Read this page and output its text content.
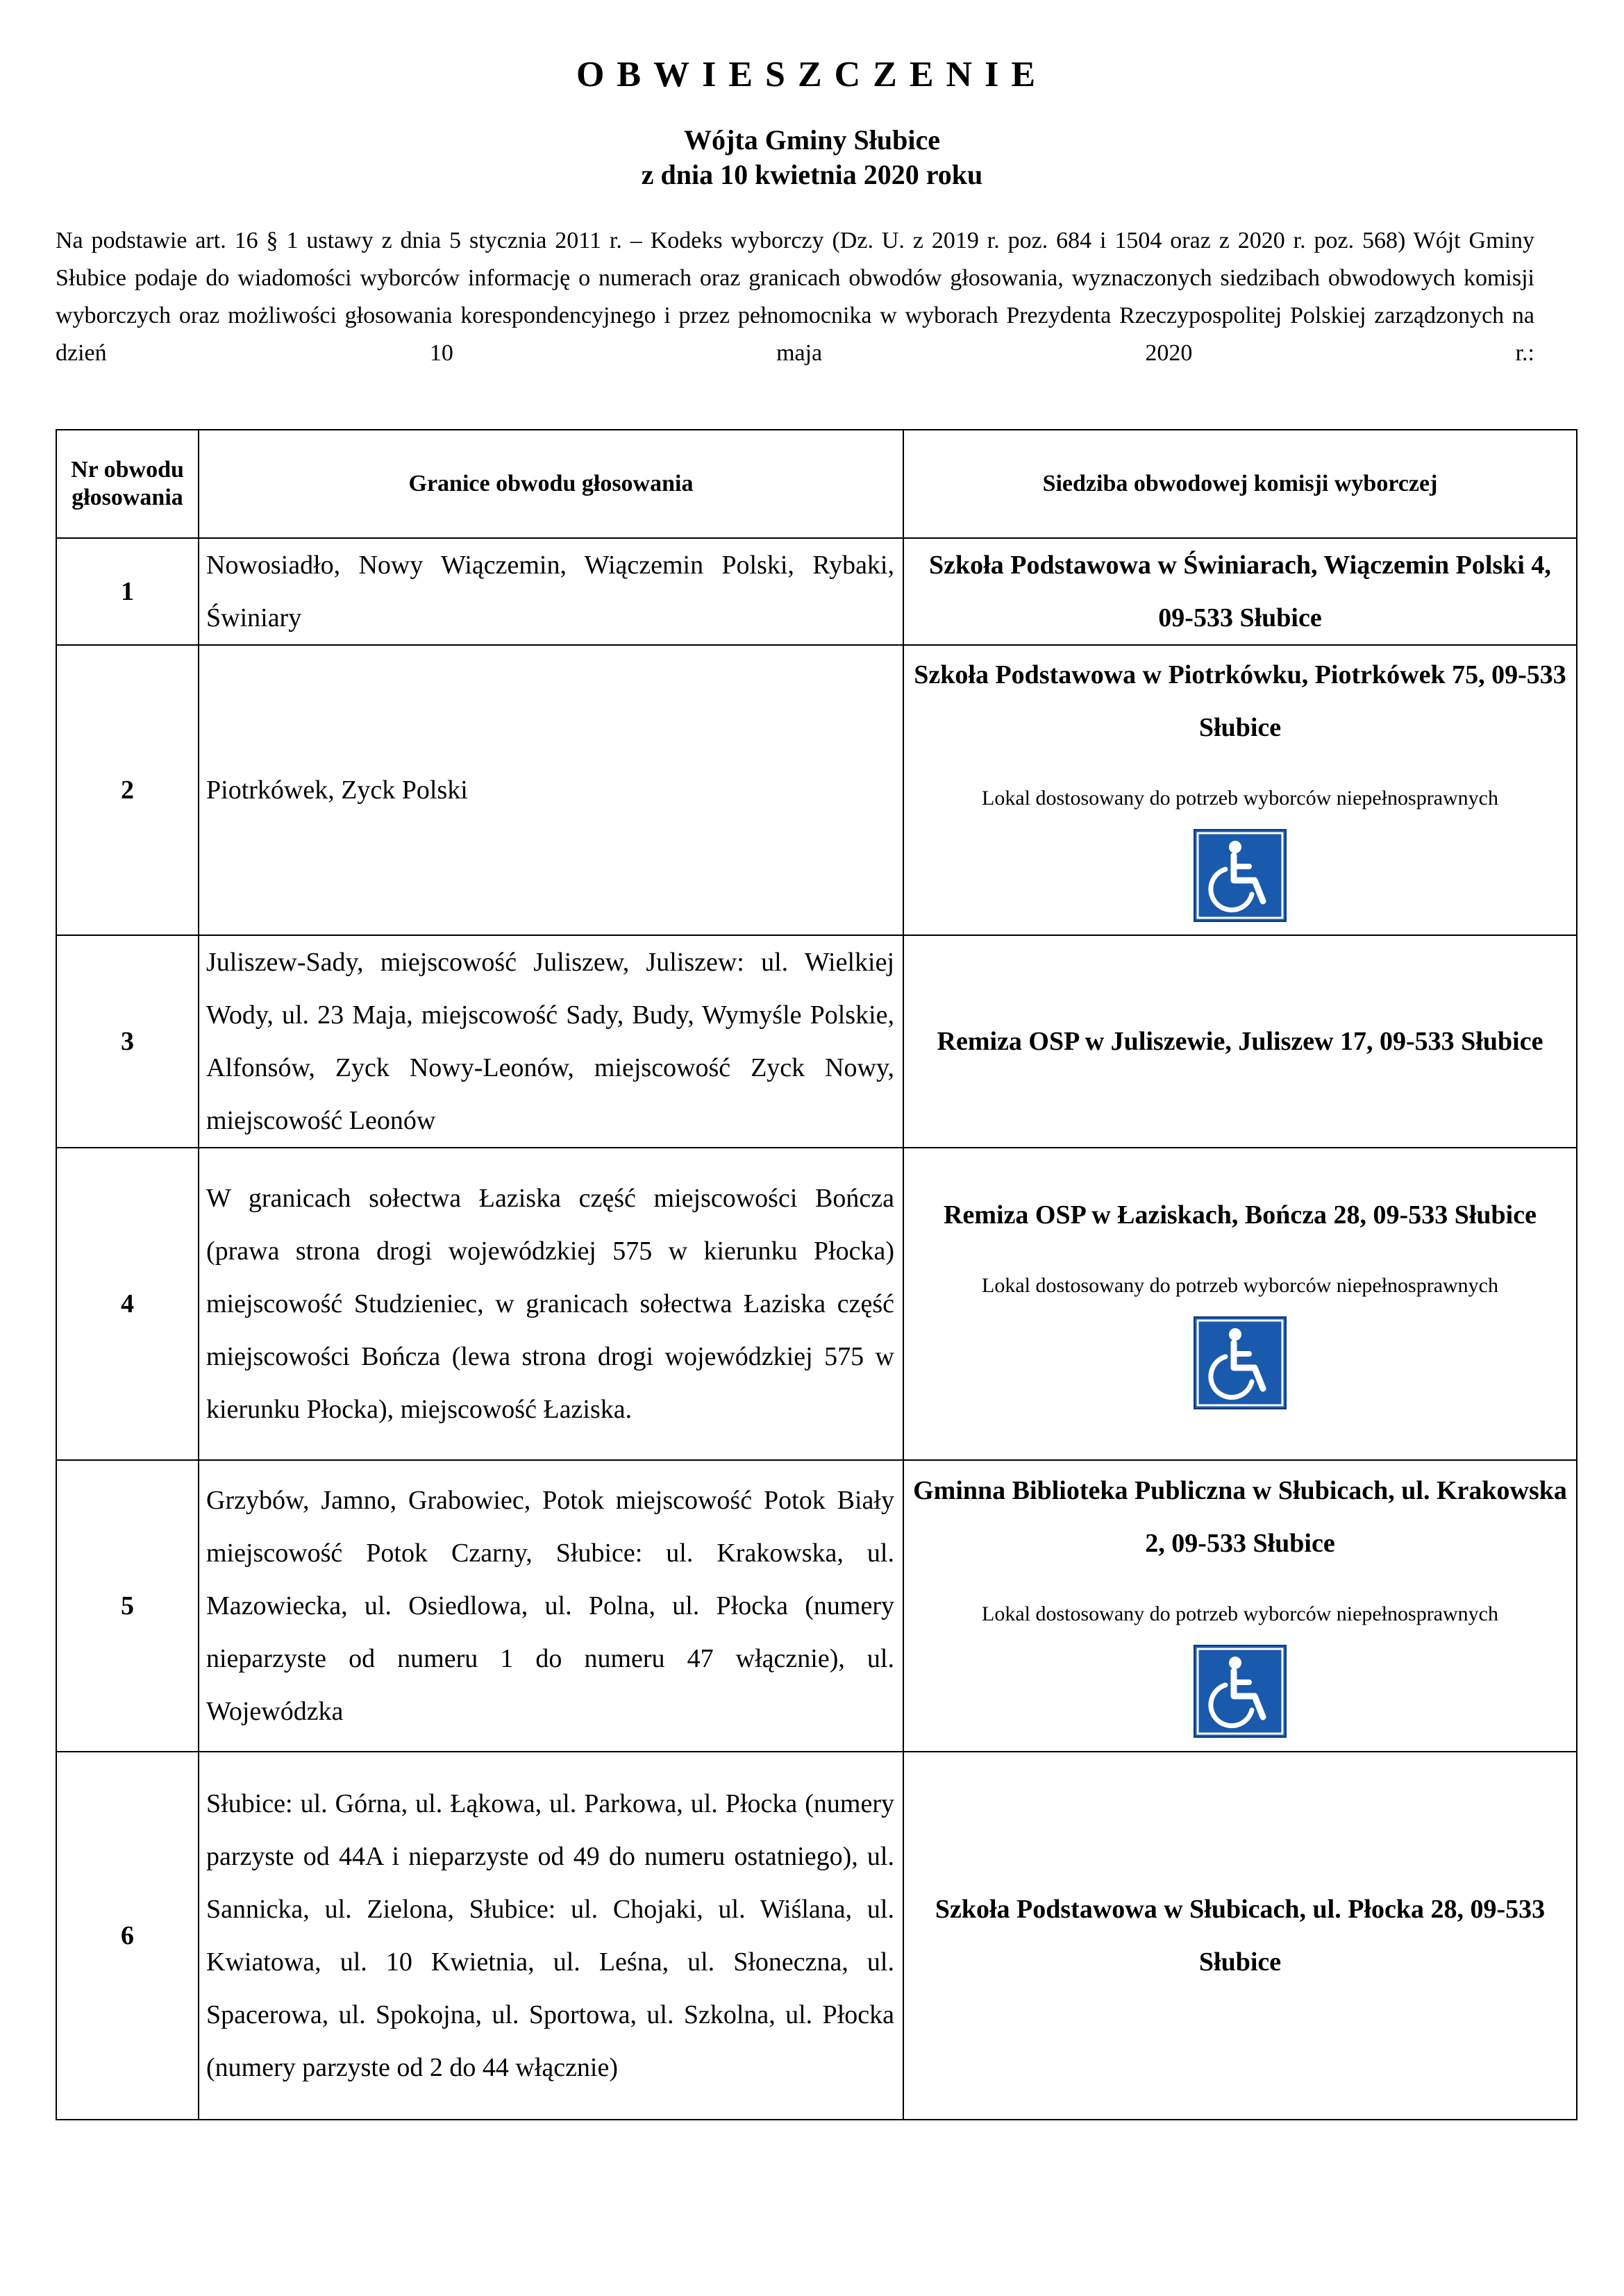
OBWIESZCZENIE
Wójta Gminy Słubice
z dnia 10 kwietnia 2020 roku

Na podstawie art. 16 § 1 ustawy z dnia 5 stycznia 2011 r. – Kodeks wyborczy (Dz. U. z 2019 r. poz. 684 i 1504 oraz z 2020 r. poz. 568) Wójt Gminy Słubice podaje do wiadomości wyborców informację o numerach oraz granicach obwodów głosowania, wyznaczonych siedzibach obwodowych komisji wyborczych oraz możliwości głosowania korespondencyjnego i przez pełnomocnika w wyborach Prezydenta Rzeczypospolitej Polskiej zarządzonych na dzień 10 maja 2020 r.:

Nr obwodu głosowania	Granice obwodu głosowania	Siedziba obwodowej komisji wyborczej
1	Nowosiadło, Nowy Wiączemin, Wiączemin Polski, Rybaki, Świniary	Szkoła Podstawowa w Świniarach, Wiączemin Polski 4, 09-533 Słubice

2	Piotrkówek, Zyck Polski	Szkoła Podstawowa w Piotrkówku, Piotrkówek 75, 09-533 Słubice
Lokal dostosowany do potrzeb wyborców niepełnosprawnych

3	Juliszew-Sady, miejscowość Juliszew, Juliszew: ul. Wielkiej Wody, ul. 23 Maja, miejscowość Sady, Budy, Wymyśle Polskie, Alfonsów, Zyck Nowy-Leonów, miejscowość Zyck Nowy, miejscowość Leonów	Remiza OSP w Juliszewie, Juliszew 17, 09-533 Słubice

4	W granicach sołectwa Łaziska część miejscowości Bończa (prawa strona drogi wojewódzkiej 575 w kierunku Płocka) miejscowość Studzieniec, w granicach sołectwa Łaziska część miejscowości Bończa (lewa strona drogi wojewódzkiej 575 w kierunku Płocka), miejscowość Łaziska.	Remiza OSP w Łaziskach, Bończa 28, 09-533 Słubice
Lokal dostosowany do potrzeb wyborców niepełnosprawnych

5	Grzybów, Jamno, Grabowiec, Potok miejscowość Potok Biały miejscowość Potok Czarny, Słubice: ul. Krakowska, ul. Mazowiecka, ul. Osiedlowa, ul. Polna, ul. Płocka (numery nieparzyste od numeru 1 do numeru 47 włącznie), ul. Wojewódzka	Gminna Biblioteka Publiczna w Słubicach, ul. Krakowska 2, 09-533 Słubice
Lokal dostosowany do potrzeb wyborców niepełnosprawnych

6	Słubice: ul. Górna, ul. Łąkowa, ul. Parkowa, ul. Płocka (numery parzyste od 44A i nieparzyste od 49 do numeru ostatniego), ul. Sannicka, ul. Zielona, Słubice: ul. Chojaki, ul. Wiślana, ul. Kwiatowa, ul. 10 Kwietnia, ul. Leśna, ul. Słoneczna, ul. Spacerowa, ul. Spokojna, ul. Sportowa, ul. Szkolna, ul. Płocka (numery parzyste od 2 do 44 włącznie)	Szkoła Podstawowa w Słubicach, ul. Płocka 28, 09-533 Słubice
